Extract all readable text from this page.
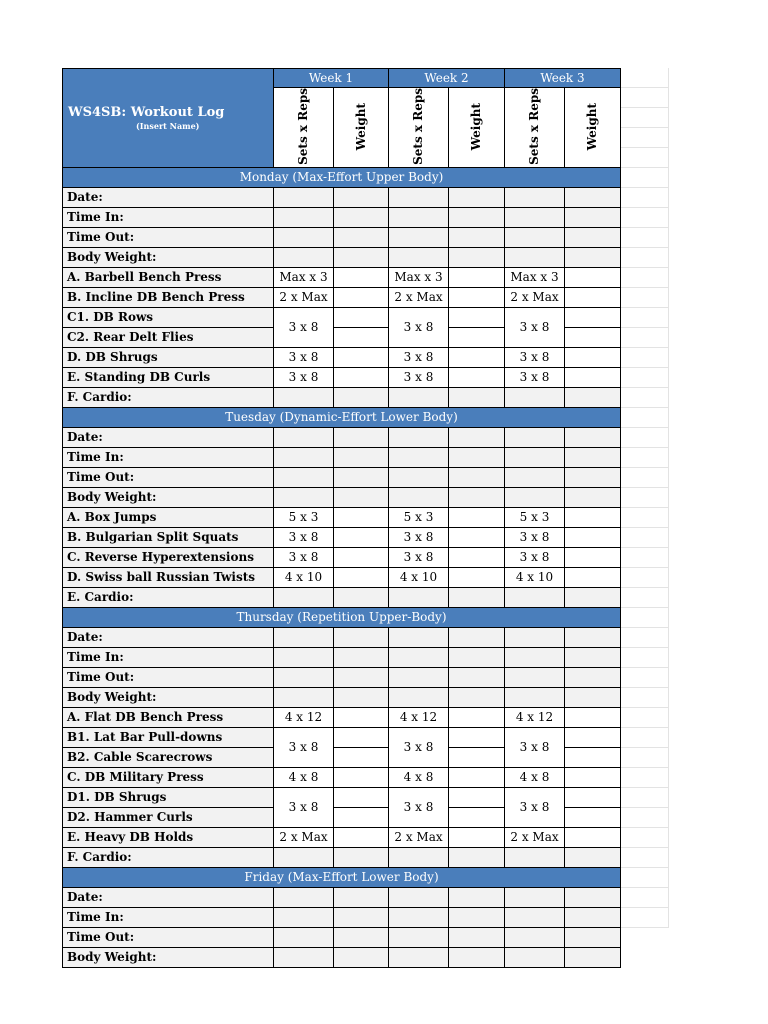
WS4SB: Workout Log
(Insert Name)	Week 1		Week 2		Week 3	
	Sets x Reps	Weight	Sets x Reps	Weight	Sets x Reps	Weight
Monday (Max-Effort Upper Body)						
Date:						
Time In:						
Time Out:						
Body Weight:						
A. Barbell Bench Press	Max x 3		Max x 3		Max x 3	
B. Incline DB Bench Press	2 x Max		2 x Max		2 x Max	
C1. DB Rows	3 x 8		3 x 8		3 x 8	
C2. Rear Delt Flies						
D. DB Shrugs	3 x 8		3 x 8		3 x 8	
E. Standing DB Curls	3 x 8		3 x 8		3 x 8	
F. Cardio:						
Tuesday (Dynamic-Effort Lower Body)						
Date:						
Time In:						
Time Out:						
Body Weight:						
A. Box Jumps	5 x 3		5 x 3		5 x 3	
B. Bulgarian Split Squats	3 x 8		3 x 8		3 x 8	
C. Reverse Hyperextensions	3 x 8		3 x 8		3 x 8	
D. Swiss ball Russian Twists	4 x 10		4 x 10		4 x 10	
E. Cardio:						
Thursday (Repetition Upper-Body)						
Date:						
Time In:						
Time Out:						
Body Weight:						
A. Flat DB Bench Press	4 x 12		4 x 12		4 x 12	
B1. Lat Bar Pull-downs	3 x 8		3 x 8		3 x 8	
B2. Cable Scarecrows						
C. DB Military Press	4 x 8		4 x 8		4 x 8	
D1. DB Shrugs	3 x 8		3 x 8		3 x 8	
D2. Hammer Curls						
E. Heavy DB Holds	2 x Max		2 x Max		2 x Max	
F. Cardio:						
Friday (Max-Effort Lower Body)						
Date:						
Time In:						
Time Out:						
Body Weight:						
